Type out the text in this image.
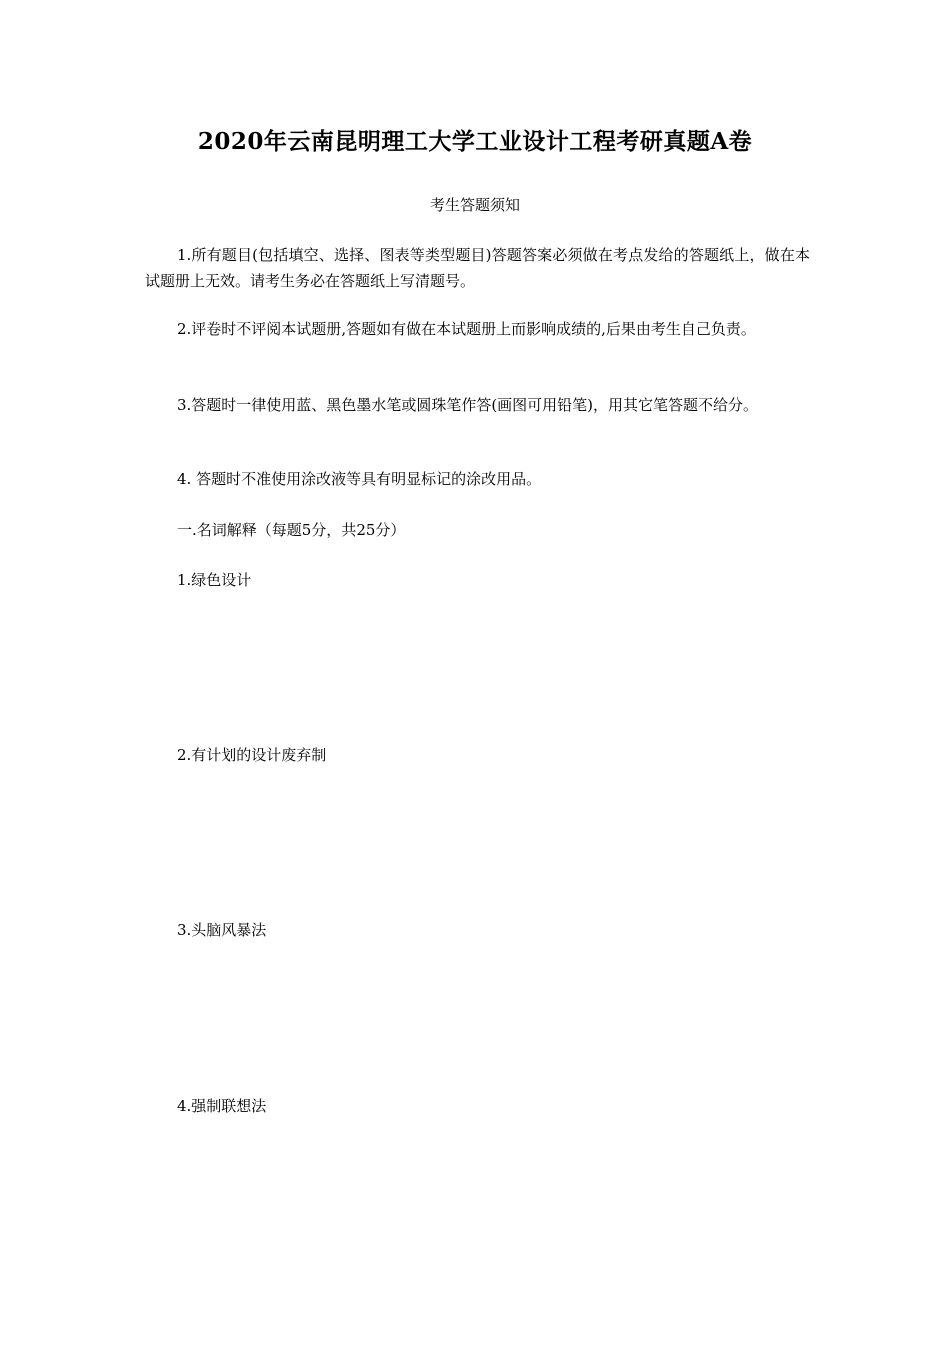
2020年云南昆明理工大学工业设计工程考研真题A卷
考生答题须知
1.所有题目(包括填空、选择、图表等类型题目)答题答案必须做在考点发给的答题纸上，做在本试题册上无效。请考生务必在答题纸上写清题号。
2.评卷时不评阅本试题册,答题如有做在本试题册上而影响成绩的,后果由考生自己负责。
3.答题时一律使用蓝、黑色墨水笔或圆珠笔作答(画图可用铅笔)，用其它笔答题不给分。
4. 答题时不准使用涂改液等具有明显标记的涂改用品。
一.名词解释（每题5分，共25分）
1.绿色设计
2.有计划的设计废弃制
3.头脑风暴法
4.强制联想法
